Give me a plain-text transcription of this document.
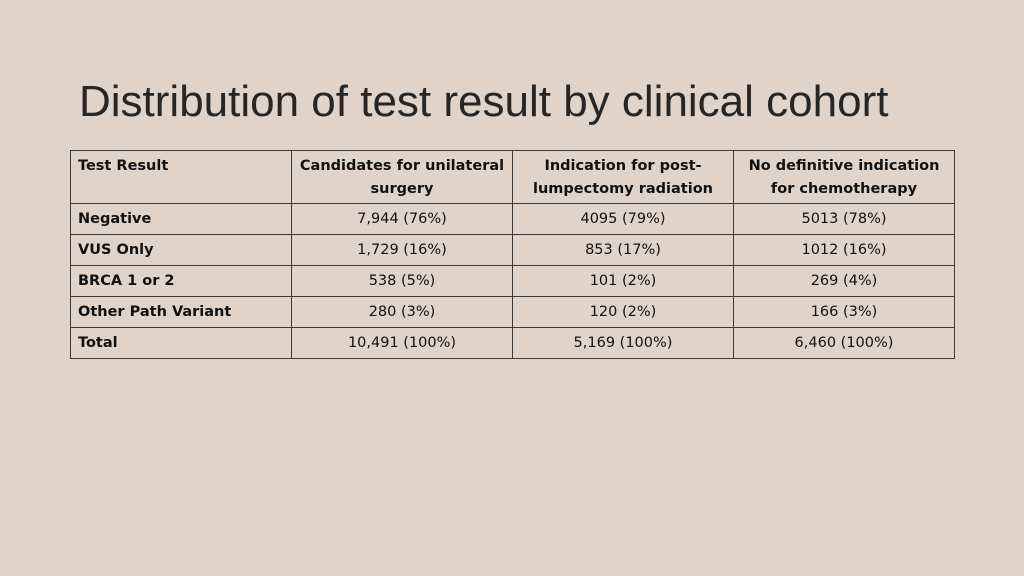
Distribution of test result by clinical cohort
Test Result	Candidates for unilateral surgery	Indication for post-lumpectomy radiation	No definitive indication for chemotherapy
Negative	7,944 (76%)	4095 (79%)	5013 (78%)
VUS Only	1,729 (16%)	853 (17%)	1012 (16%)
BRCA 1 or 2	538 (5%)	101 (2%)	269 (4%)
Other Path Variant	280 (3%)	120 (2%)	166 (3%)
Total	10,491 (100%)	5,169 (100%)	6,460 (100%)
